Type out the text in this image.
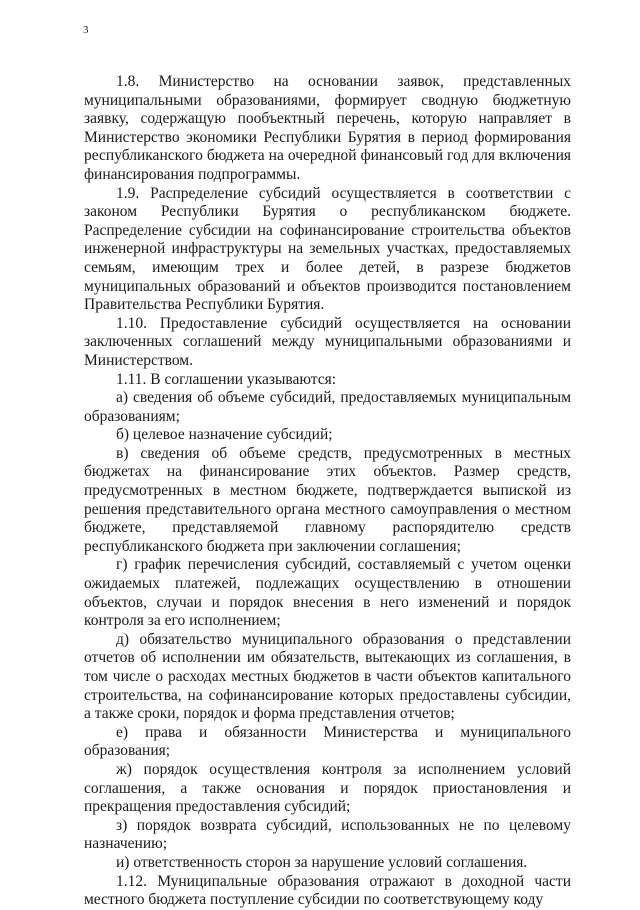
3

1.8. Министерство на основании заявок, представленных муниципальными образованиями, формирует сводную бюджетную заявку, содержащую пообъектный перечень, которую направляет в Министерство экономики Республики Бурятия в период формирования республиканского бюджета на очередной финансовый год для включения финансирования подпрограммы.

1.9. Распределение субсидий осуществляется в соответствии с законом Республики Бурятия о республиканском бюджете. Распределение субсидии на софинансирование строительства объектов инженерной инфраструктуры на земельных участках, предоставляемых семьям, имеющим трех и более детей, в разрезе бюджетов муниципальных образований и объектов производится постановлением Правительства Республики Бурятия.

1.10. Предоставление субсидий осуществляется на основании заключенных соглашений между муниципальными образованиями и Министерством.

1.11. В соглашении указываются:

а) сведения об объеме субсидий, предоставляемых муниципальным образованиям;

б) целевое назначение субсидий;

в) сведения об объеме средств, предусмотренных в местных бюджетах на финансирование этих объектов. Размер средств, предусмотренных в местном бюджете, подтверждается выпиской из решения представительного органа местного самоуправления о местном бюджете, представляемой главному распорядителю средств республиканского бюджета при заключении соглашения;

г) график перечисления субсидий, составляемый с учетом оценки ожидаемых платежей, подлежащих осуществлению в отношении объектов, случаи и порядок внесения в него изменений и порядок контроля за его исполнением;

д) обязательство муниципального образования о представлении отчетов об исполнении им обязательств, вытекающих из соглашения, в том числе о расходах местных бюджетов в части объектов капитального строительства, на софинансирование которых предоставлены субсидии, а также сроки, порядок и форма представления отчетов;

е) права и обязанности Министерства и муниципального образования;

ж) порядок осуществления контроля за исполнением условий соглашения, а также основания и порядок приостановления и прекращения предоставления субсидий;

з) порядок возврата субсидий, использованных не по целевому назначению;

и) ответственность сторон за нарушение условий соглашения.

1.12. Муниципальные образования отражают в доходной части местного бюджета поступление субсидии по соответствующему коду
